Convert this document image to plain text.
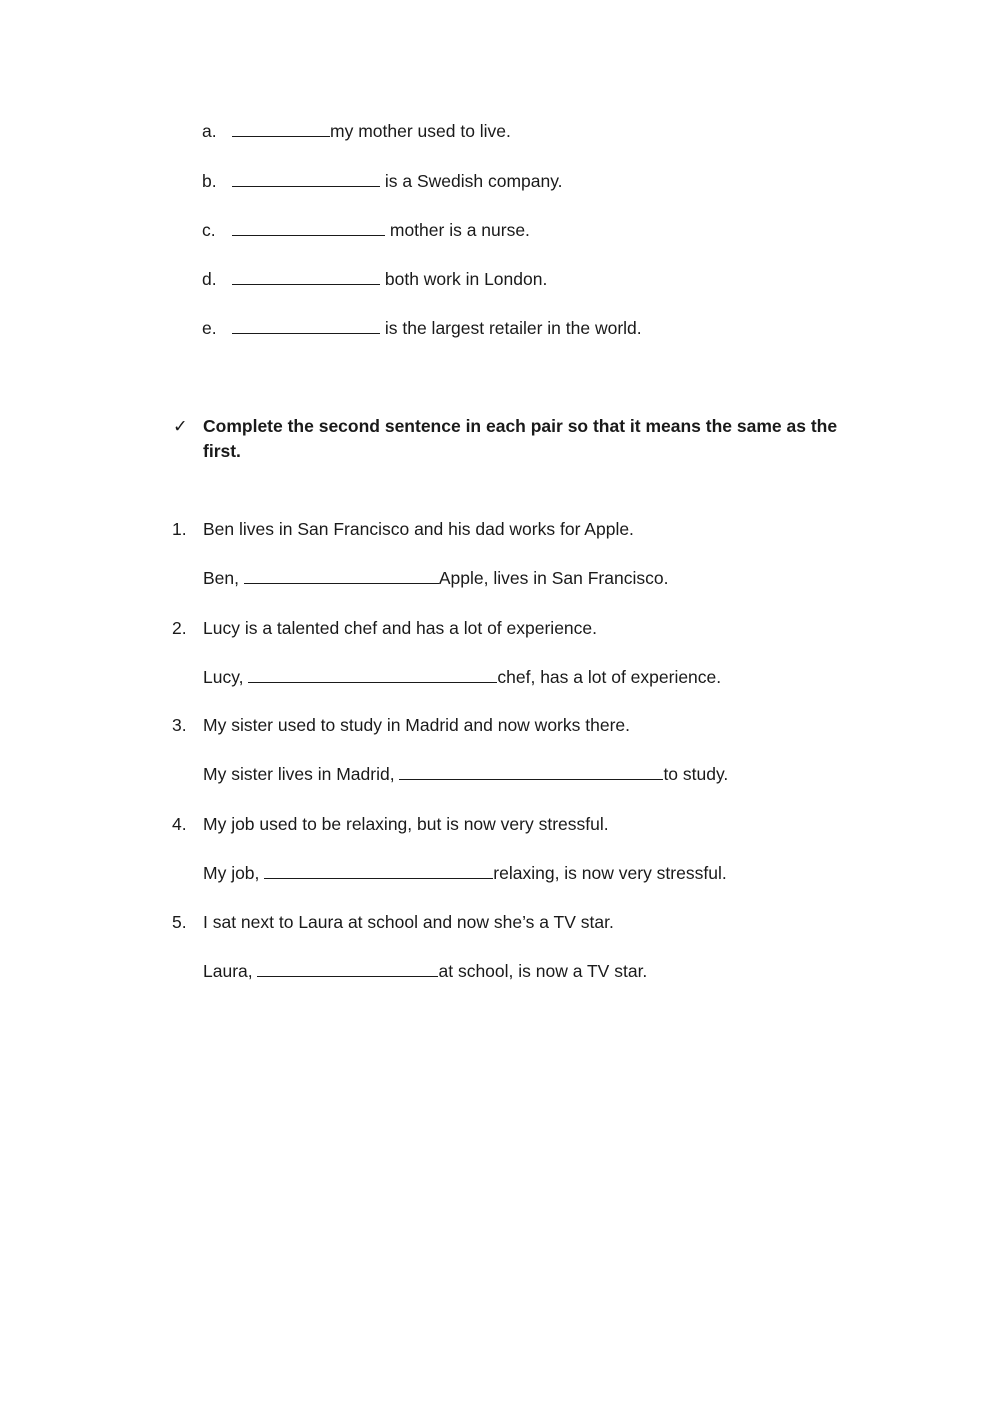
a.	my mother used to live.
b.	is a Swedish company.
c.	mother is a nurse.
d.	both work in London.
e.	is the largest retailer in the world.
✓ Complete the second sentence in each pair so that it means the same as the first.
1. Ben lives in San Francisco and his dad works for Apple.
Ben,	Apple, lives in San Francisco.
2. Lucy is a talented chef and has a lot of experience.
Lucy,	chef, has a lot of experience.
3. My sister used to study in Madrid and now works there.
My sister lives in Madrid,	to study.
4. My job used to be relaxing, but is now very stressful.
My job,	relaxing, is now very stressful.
5. I sat next to Laura at school and now she’s a TV star.
Laura,	at school, is now a TV star.
